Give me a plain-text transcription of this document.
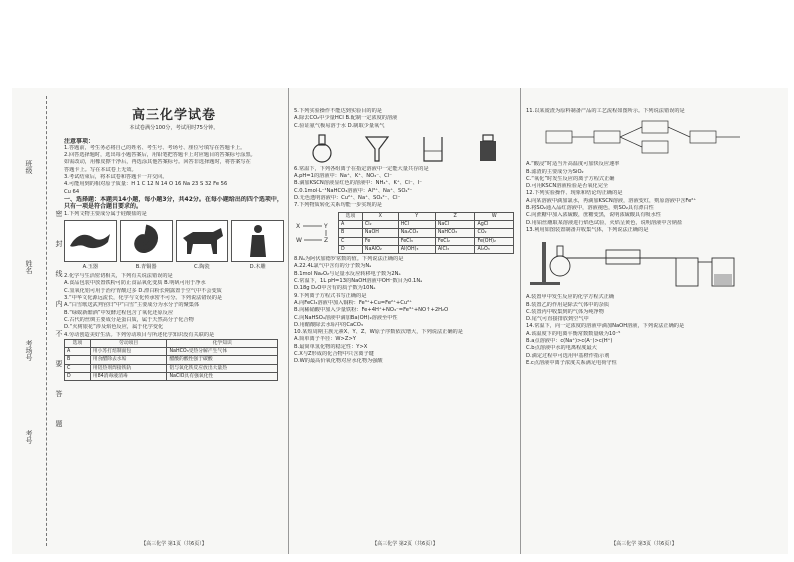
班级
姓名
考场号
考号
密
封
线
内
不
要
答
题
高三化学试卷
本试卷满分100分，考试用时75分钟。

注意事项：

1.答题前，考生务必将自己的姓名、考生号、考场号、座位号填写在答题卡上。

2.回答选择题时，选出每小题答案后，用铅笔把答题卡上对应题目的答案标号涂黑。

如需改动，用橡皮擦干净后，再选涂其他答案标号。回答非选择题时，将答案写在

答题卡上。写在本试卷上无效。

3.考试结束后，将本试卷和答题卡一并交回。

4.可能用到的相对原子质量：H 1 C 12 N 14 O 16 Na 23 S 32 Fe 56

Cu 64

一、选择题：本题共14小题，每小题3分，共42分。在每小题给出的四个选项中，只有一项是符合题目要求的。

1.下列文物主要成分属于硅酸盐的是

A.玉器	B.青铜器	C.陶瓷	D.木雕

2.化学与生活密切相关，下列有关说法错误的是

A.食品包装中放置铁粉可防止食品氧化变质 B.明矾可用于净水

C.氢氧化铝可用于治疗胃酸过多 D.漂白粉长期露置于空气中不会变质

3.“中华文化源远流长，化学与文化传承密不可分。下列说法错误的是

A.“白雪歌送武判官归”中“白雪”主要成分为水分子的聚集体

B.“绿蚁新醅酒”中发酵过程包含了氧化还原反应

C.古代的丝绸主要成分是蛋白质，属于天然高分子化合物

D.“火树银花”涉及焰色反应，属于化学变化

4.劳动创造美好生活。下列劳动项目与所述化学知识没有关联的是

选项	劳动项目	化学知识
A	用小苏打焙制面包	NaHCO₃受热分解产生气体
B	用食醋除去水垢	醋酸的酸性强于碳酸
C	用铝热剂焊接铁轨	铝与氧化铁反应放出大量热
D	用84消毒液消毒	NaClO具有强氧化性

5.下列实验操作不能达到实验目的的是

A.除去CO₂中少量HCl B.配制一定浓度的溶液

C.验证氨气极易溶于水 D.制取少量氧气

6.常温下，下列各组离子在指定溶液中一定能大量共存的是

A.pH=1的溶液中：Na⁺、K⁺、NO₃⁻、Cl⁻

B.滴加KSCN溶液显红色的溶液中：NH₄⁺、K⁺、Cl⁻、I⁻

C.0.1mol·L⁻¹NaHCO₃溶液中：Al³⁺、Na⁺、SO₄²⁻

D.无色透明溶液中：Cu²⁺、Na⁺、SO₄²⁻、Cl⁻

7.下列物质转化关系均能一步实现的是

X	Y
W	Z
选项	X	Y	Z	W
A	Cl₂	HCl	NaCl	AgCl
B	NaOH	Na₂CO₃	NaHCO₃	CO₂
C	Fe	FeCl₃	FeCl₂	Fe(OH)₂
D	NaAlO₂	Al(OH)₃	AlCl₃	Al₂O₃

8.Nₐ为阿伏加德罗常数的值。下列说法正确的是

A.22.4L氯气中含有的分子数为Nₐ

B.1mol Na₂O₂与足量水反应转移电子数为2Nₐ

C.常温下，1L pH=13的NaOH溶液中OH⁻数目为0.1Nₐ

D.18g D₂O中含有的质子数为10Nₐ

9.下列离子方程式书写正确的是

A.向FeCl₃溶液中加入铜粉：Fe³⁺+Cu=Fe²⁺+Cu²⁺

B.向稀硝酸中加入少量铁粉：Fe+4H⁺+NO₃⁻=Fe³⁺+NO↑+2H₂O

C.向NaHSO₄溶液中滴加Ba(OH)₂溶液至中性

D.用醋酸除去水垢中的CaCO₃

10.某短周期主族元素X、Y、Z、W原子序数依次增大，下列说法正确的是

A.简单离子半径：W>Z>Y

B.最简单氢化物的稳定性：Y>X

C.X与Z形成的化合物中只含离子键

D.W的最高价氧化物对应水化物为强酸

11.以某废渣为原料制备产品的工艺流程如图所示。下列说法错误的是

A.“酸浸”时适当升高温度可加快反应速率

B.滤渣的主要成分为SiO₂

C.“氧化”时发生反应的离子方程式正确

D.可用KSCN溶液检验是否氧化完全

12.下列实验操作、现象和结论均正确的是

A.向某溶液中滴加氯水，再滴加KSCN溶液，溶液变红，则原溶液中含Fe²⁺

B.将SO₂通入品红溶液中，溶液褪色，则SO₂具有漂白性

C.向蔗糖中加入浓硫酸，蔗糖变黑，说明浓硫酸具有吸水性

D.用铂丝蘸取某溶液进行焰色试验，火焰呈黄色，说明溶液中含钠盐

13.利用如图装置制备并收集气体，下列说法正确的是

A.装置甲中发生反应的化学方程式正确

B.装置乙的作用是除去气体中的杂质

C.装置丙中收集到的气体为纯净物

D.尾气可直接排放到空气中

14.常温下，向一定浓度的溶液中滴加NaOH溶液，下列说法正确的是

A.该温度下的电离平衡常数数量级为10⁻⁵

B.a点溶液中：c(Na⁺)>c(A⁻)>c(H⁺)

C.b点溶液中水的电离程度最大

D.滴定过程中可选用甲基橙作指示剂

E.c点溶液中离子浓度关系满足电荷守恒

【高三化学 第1页（共6页）】	【高三化学 第2页（共6页）】	【高三化学 第3页（共6页）】
